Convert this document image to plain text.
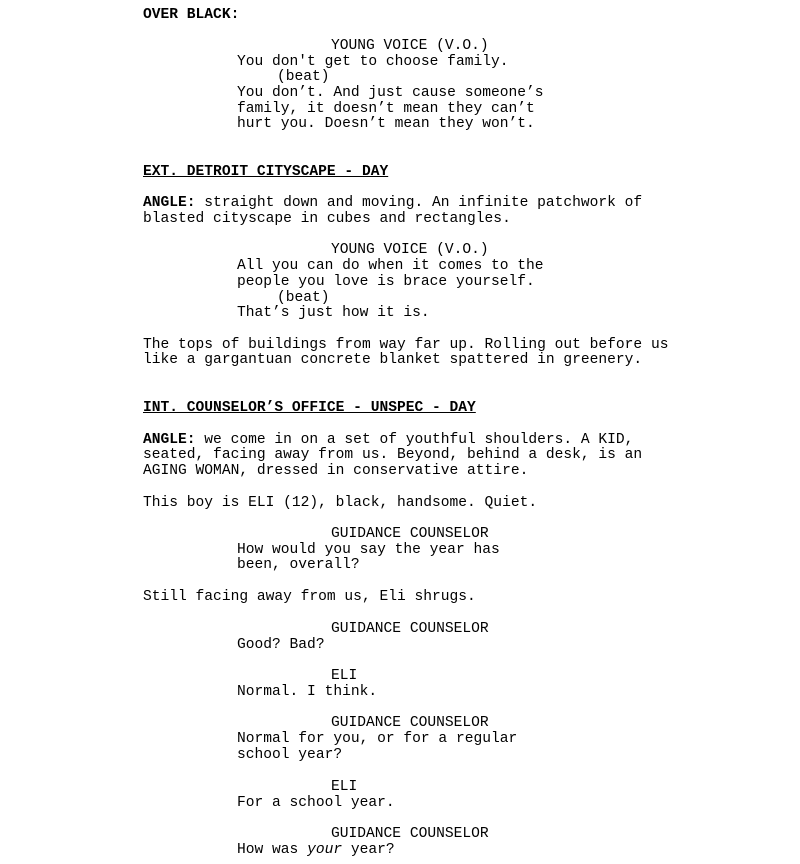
OVER BLACK:
YOUNG VOICE (V.O.)
You don't get to choose family.
(beat)
You don’t. And just cause someone’s
family, it doesn’t mean they can’t
hurt you. Doesn’t mean they won’t.
EXT. DETROIT CITYSCAPE - DAY
ANGLE: straight down and moving. An infinite patchwork of
blasted cityscape in cubes and rectangles.
YOUNG VOICE (V.O.)
All you can do when it comes to the
people you love is brace yourself.
(beat)
That’s just how it is.
The tops of buildings from way far up. Rolling out before us
like a gargantuan concrete blanket spattered in greenery.
INT. COUNSELOR’S OFFICE - UNSPEC - DAY
ANGLE: we come in on a set of youthful shoulders. A KID,
seated, facing away from us. Beyond, behind a desk, is an
AGING WOMAN, dressed in conservative attire.
This boy is ELI (12), black, handsome. Quiet.
GUIDANCE COUNSELOR
How would you say the year has
been, overall?
Still facing away from us, Eli shrugs.
GUIDANCE COUNSELOR
Good? Bad?
ELI
Normal. I think.
GUIDANCE COUNSELOR
Normal for you, or for a regular
school year?
ELI
For a school year.
GUIDANCE COUNSELOR
How was your year?
